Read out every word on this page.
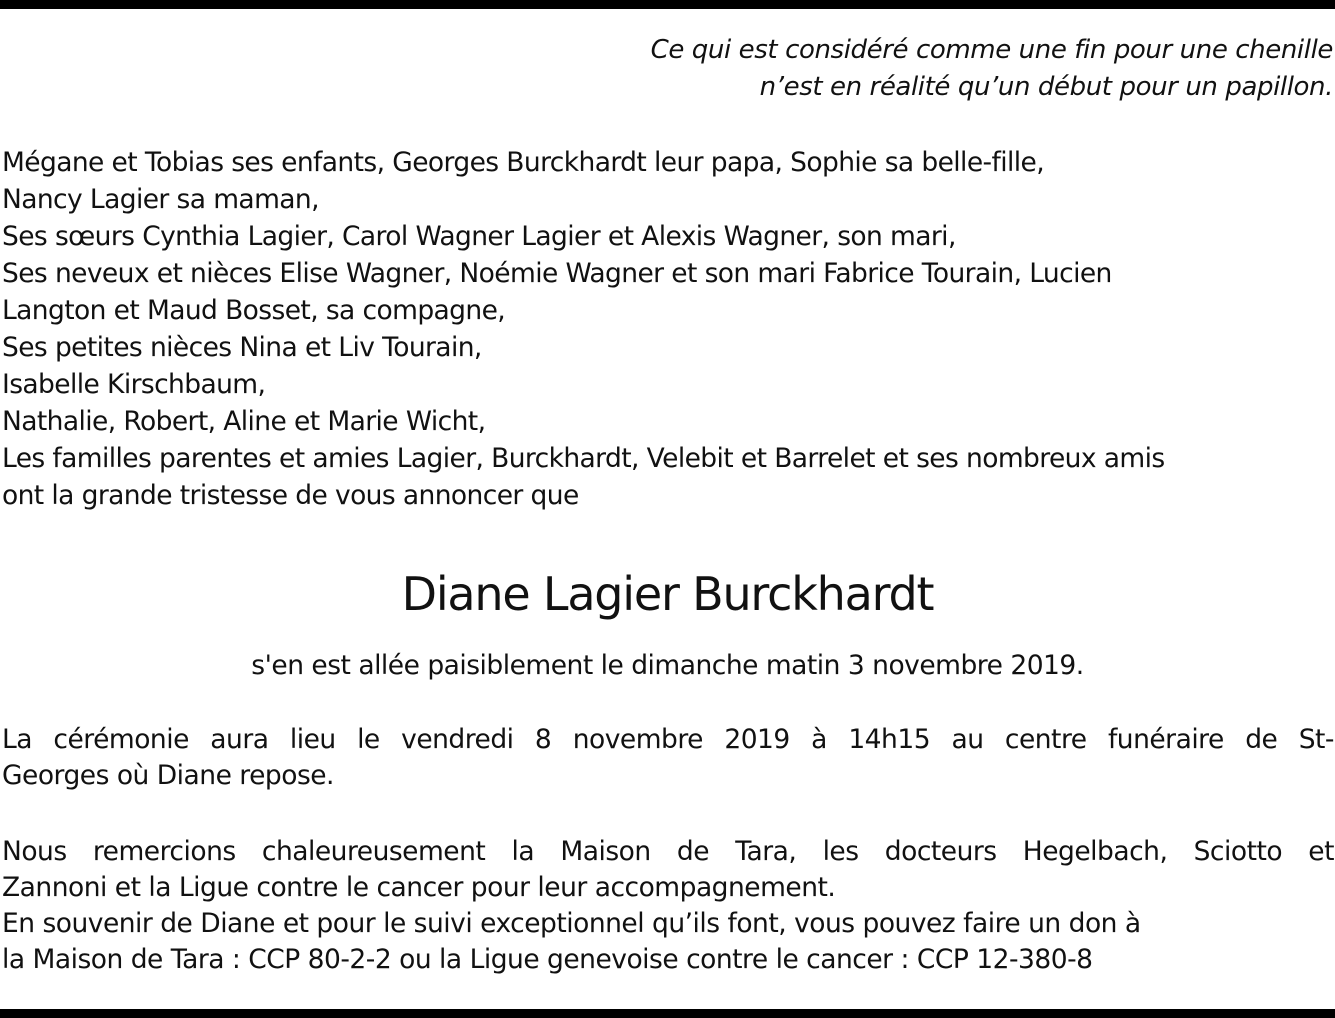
Ce qui est considéré comme une fin pour une chenille
n’est en réalité qu’un début pour un papillon.
Mégane et Tobias ses enfants, Georges Burckhardt leur papa, Sophie sa belle-fille,
Nancy Lagier sa maman,
Ses sœurs Cynthia Lagier, Carol Wagner Lagier et Alexis Wagner, son mari,
Ses neveux et nièces Elise Wagner, Noémie Wagner et son mari Fabrice Tourain, Lucien
Langton et Maud Bosset, sa compagne,
Ses petites nièces Nina et Liv Tourain,
Isabelle Kirschbaum,
Nathalie, Robert, Aline et Marie Wicht,
Les familles parentes et amies Lagier, Burckhardt, Velebit et Barrelet et ses nombreux amis
ont la grande tristesse de vous annoncer que
Diane Lagier Burckhardt
s'en est allée paisiblement le dimanche matin 3 novembre 2019.
La cérémonie aura lieu le vendredi 8 novembre 2019 à 14h15 au centre funéraire de St-
Georges où Diane repose.
Nous remercions chaleureusement la Maison de Tara, les docteurs Hegelbach, Sciotto et
Zannoni et la Ligue contre le cancer pour leur accompagnement.
En souvenir de Diane et pour le suivi exceptionnel qu’ils font, vous pouvez faire un don à
la Maison de Tara : CCP 80-2-2 ou la Ligue genevoise contre le cancer : CCP 12-380-8
